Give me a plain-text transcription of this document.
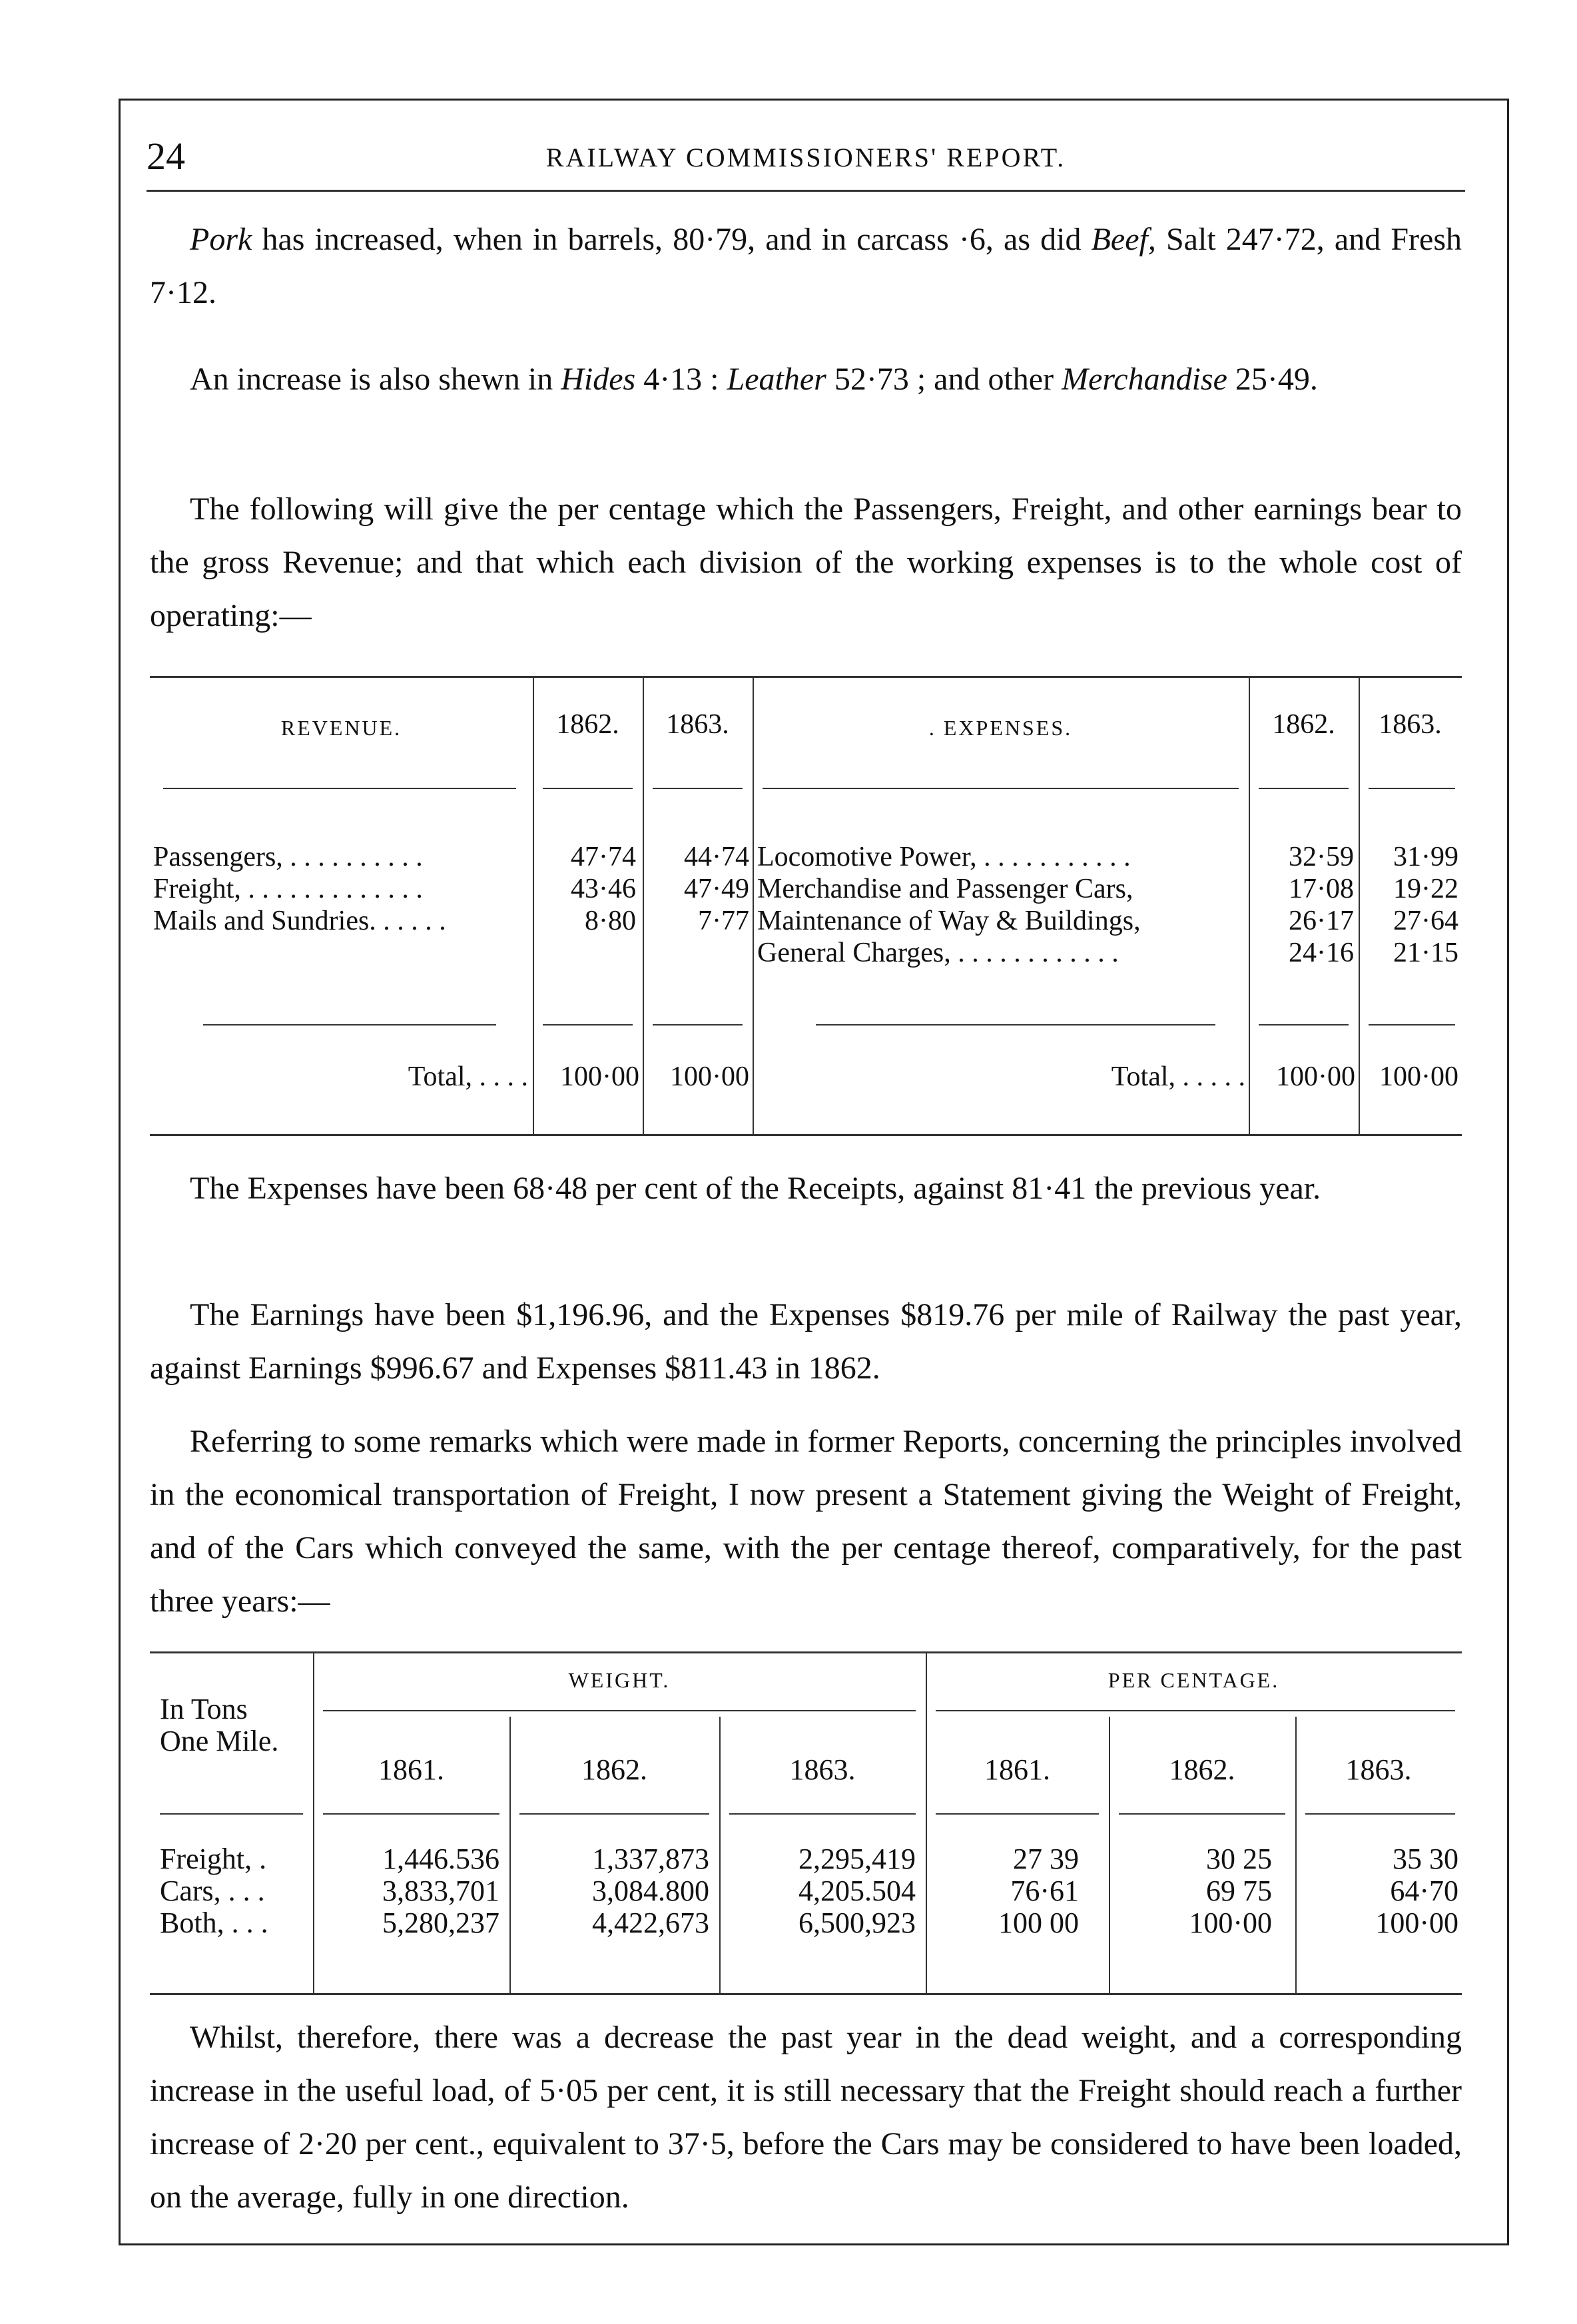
24	RAILWAY COMMISSIONERS' REPORT.
Pork has increased, when in barrels, 80·79, and in carcass ·6, as did Beef, Salt 247·72, and Fresh 7·12.
An increase is also shewn in Hides 4·13 : Leather 52·73 ; and other Merchandise 25·49.
The following will give the per centage which the Passengers, Freight, and other earnings bear to the gross Revenue; and that which each division of the working expenses is to the whole cost of operating:—
REVENUE.	1862.	1863.	. EXPENSES.	1862.	1863.
Passengers, . . . . . . . . . .	47·74	44·74
Freight, . . . . . . . . . . . . .	43·46	47·49
Mails and Sundries. . . . . .	8·80	7·77
Locomotive Power, . . . . . . . . . . .	32·59	31·99
Merchandise and Passenger Cars,	17·08	19·22
Maintenance of Way & Buildings,	26·17	27·64
General Charges, . . . . . . . . . . . .	24·16	21·15
Total, . . . .	100·00	100·00	Total, . . . . .	100·00 100·00
The Expenses have been 68·48 per cent of the Receipts, against 81·41 the previous year.
The Earnings have been $1,196.96, and the Expenses $819.76 per mile of Railway the past year, against Earnings $996.67 and Expenses $811.43 in 1862.
Referring to some remarks which were made in former Reports, concerning the principles involved in the economical transportation of Freight, I now present a Statement giving the Weight of Freight, and of the Cars which conveyed the same, with the per centage thereof, comparatively, for the past three years:—
In Tons
One Mile.
WEIGHT.	PER CENTAGE.
1861.	1862.	1863.	1861.	1862.	1863.
Freight, .	1,446.536	1,337,873	2,295,419	27 39	30 25	35 30
Cars, . . .	3,833,701	3,084.800	4,205.504	76·61	69 75	64·70
Both, . . .	5,280,237	4,422,673	6,500,923	100 00	100·00	100·00
Whilst, therefore, there was a decrease the past year in the dead weight, and a corresponding increase in the useful load, of 5·05 per cent, it is still necessary that the Freight should reach a further increase of 2·20 per cent., equivalent to 37·5, before the Cars may be considered to have been loaded, on the average, fully in one direction.
